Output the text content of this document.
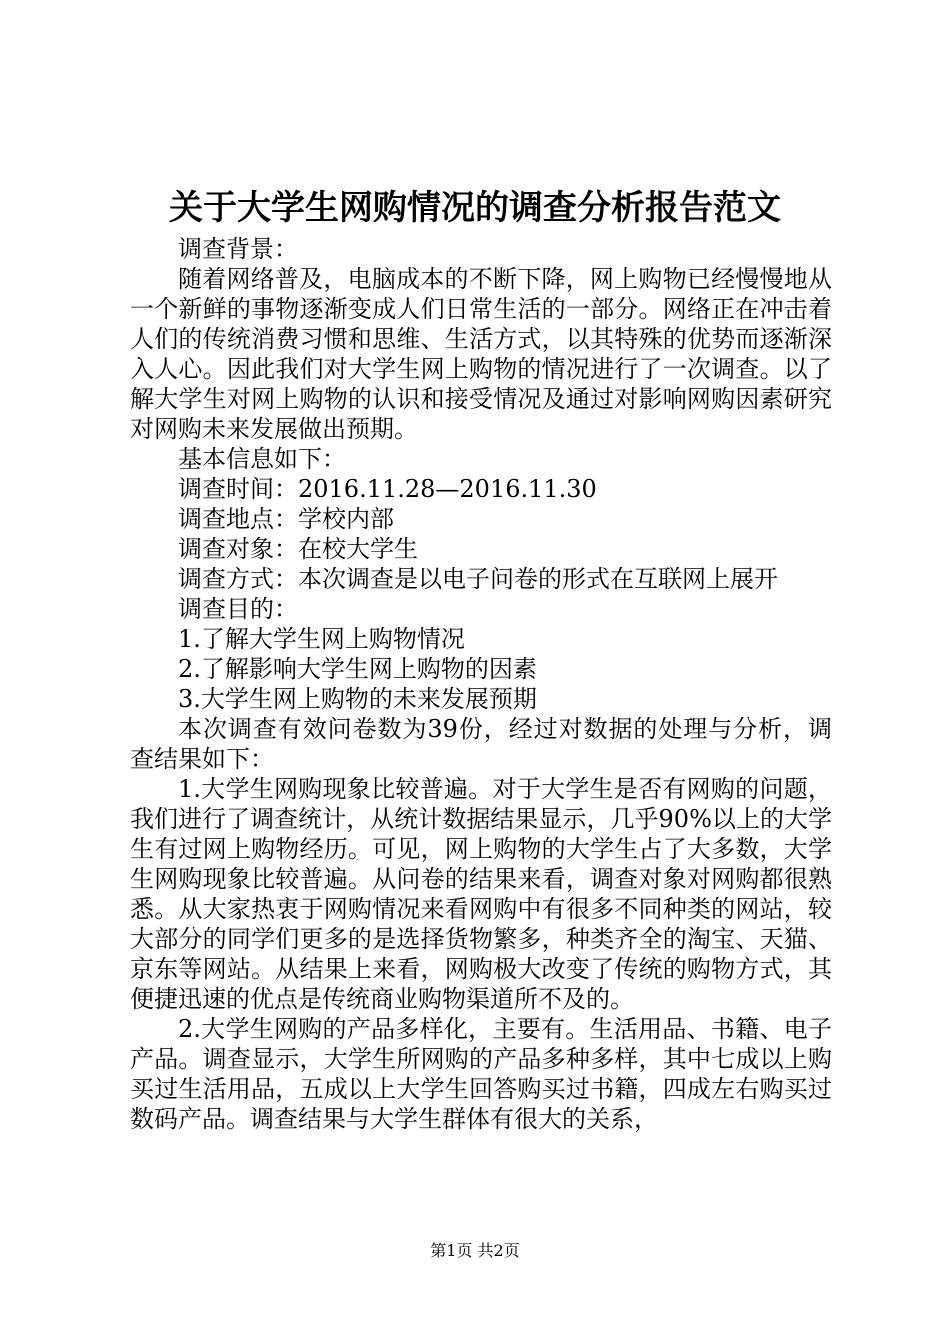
关于大学生网购情况的调查分析报告范文

调查背景：

随着网络普及，电脑成本的不断下降，网上购物已经慢慢地从一个新鲜的事物逐渐变成人们日常生活的一部分。网络正在冲击着人们的传统消费习惯和思维、生活方式，以其特殊的优势而逐渐深入人心。因此我们对大学生网上购物的情况进行了一次调查。以了解大学生对网上购物的认识和接受情况及通过对影响网购因素研究对网购未来发展做出预期。

基本信息如下：

调查时间：2016.11.28—2016.11.30

调查地点：学校内部

调查对象：在校大学生

调查方式：本次调查是以电子问卷的形式在互联网上展开

调查目的：

1.了解大学生网上购物情况

2.了解影响大学生网上购物的因素

3.大学生网上购物的未来发展预期

本次调查有效问卷数为39份，经过对数据的处理与分析，调查结果如下：

1.大学生网购现象比较普遍。对于大学生是否有网购的问题，我们进行了调查统计，从统计数据结果显示，几乎90%以上的大学生有过网上购物经历。可见，网上购物的大学生占了大多数，大学生网购现象比较普遍。从问卷的结果来看，调查对象对网购都很熟悉。从大家热衷于网购情况来看网购中有很多不同种类的网站，较大部分的同学们更多的是选择货物繁多，种类齐全的淘宝、天猫、京东等网站。从结果上来看，网购极大改变了传统的购物方式，其便捷迅速的优点是传统商业购物渠道所不及的。

2.大学生网购的产品多样化，主要有。生活用品、书籍、电子产品。调查显示，大学生所网购的产品多种多样，其中七成以上购买过生活用品，五成以上大学生回答购买过书籍，四成左右购买过数码产品。调查结果与大学生群体有很大的关系，

第1页 共2页
